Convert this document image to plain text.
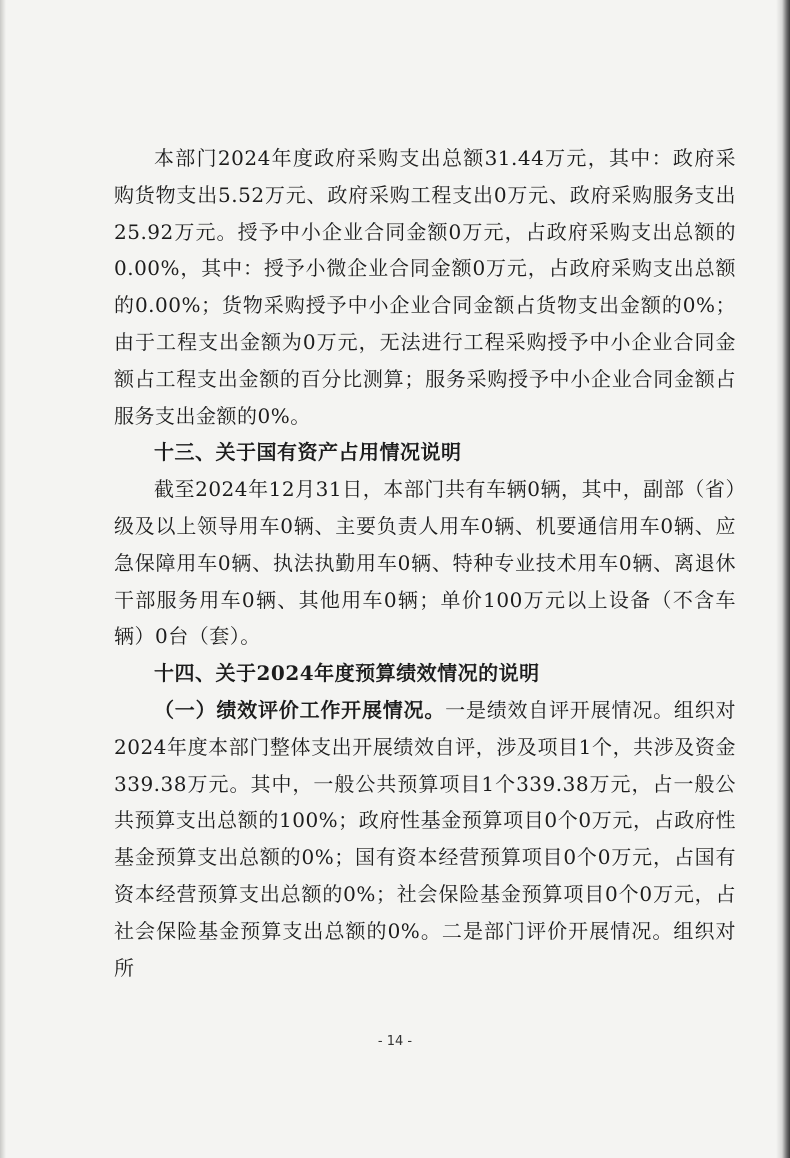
本部门2024年度政府采购支出总额31.44万元，其中：政府采购货物支出5.52万元、政府采购工程支出0万元、政府采购服务支出25.92万元。授予中小企业合同金额0万元，占政府采购支出总额的0.00%，其中：授予小微企业合同金额0万元，占政府采购支出总额的0.00%；货物采购授予中小企业合同金额占货物支出金额的0%；由于工程支出金额为0万元，无法进行工程采购授予中小企业合同金额占工程支出金额的百分比测算；服务采购授予中小企业合同金额占服务支出金额的0%。

十三、关于国有资产占用情况说明

截至2024年12月31日，本部门共有车辆0辆，其中，副部（省）级及以上领导用车0辆、主要负责人用车0辆、机要通信用车0辆、应急保障用车0辆、执法执勤用车0辆、特种专业技术用车0辆、离退休干部服务用车0辆、其他用车0辆；单价100万元以上设备（不含车辆）0台（套）。

十四、关于2024年度预算绩效情况的说明

（一）绩效评价工作开展情况。一是绩效自评开展情况。组织对2024年度本部门整体支出开展绩效自评，涉及项目1个，共涉及资金339.38万元。其中，一般公共预算项目1个339.38万元，占一般公共预算支出总额的100%；政府性基金预算项目0个0万元，占政府性基金预算支出总额的0%；国有资本经营预算项目0个0万元，占国有资本经营预算支出总额的0%；社会保险基金预算项目0个0万元，占社会保险基金预算支出总额的0%。二是部门评价开展情况。组织对所

- 14 -
